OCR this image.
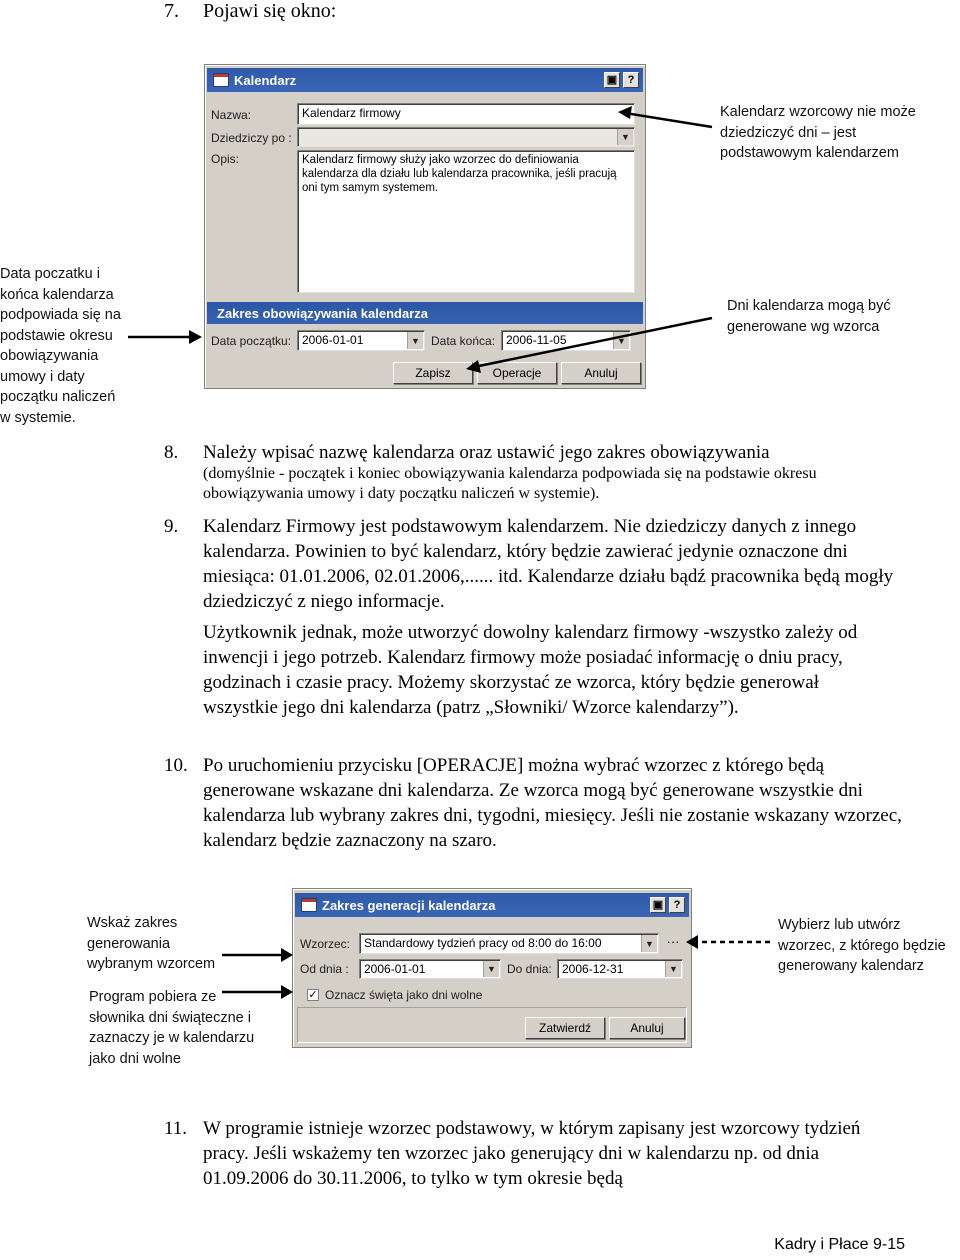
7. Pojawi się okno:
Kalendarz	▣ ?
Nazwa:	Kalendarz firmowy
Dziedziczy po :	▼
Opis:	Kalendarz firmowy służy jako wzorzec do definiowania kalendarza dla działu lub kalendarza pracownika, jeśli pracują oni tym samym systemem.
Zakres obowiązywania kalendarza
Data początku: 2006-01-01	▼ Data końca: 2006-11-05	▼
Zapisz	Operacje	Anuluj
Kalendarz wzorcowy nie może dziedziczyć dni – jest podstawowym kalendarzem
Dni kalendarza mogą być generowane wg wzorca
Data poczatku i końca kalendarza podpowiada się na podstawie okresu obowiązywania umowy i daty początku naliczeń w systemie.
8. Należy wpisać nazwę kalendarza oraz ustawić jego zakres obowiązywania
(domyślnie - początek i koniec obowiązywania kalendarza podpowiada się na podstawie okresu obowiązywania umowy i daty początku naliczeń w systemie).
9. Kalendarz Firmowy jest podstawowym kalendarzem. Nie dziedziczy danych z innego kalendarza. Powinien to być kalendarz, który będzie zawierać jedynie oznaczone dni miesiąca: 01.01.2006, 02.01.2006,...... itd. Kalendarze działu bądź pracownika będą mogły dziedziczyć z niego informacje.
Użytkownik jednak, może utworzyć dowolny kalendarz firmowy -wszystko zależy od inwencji i jego potrzeb. Kalendarz firmowy może posiadać informację o dniu pracy, godzinach i czasie pracy. Możemy skorzystać ze wzorca, który będzie generował wszystkie jego dni kalendarza (patrz „Słowniki/ Wzorce kalendarzy”).
10. Po uruchomieniu przycisku [OPERACJE] można wybrać wzorzec z którego będą generowane wskazane dni kalendarza. Ze wzorca mogą być generowane wszystkie dni kalendarza lub wybrany zakres dni, tygodni, miesięcy. Jeśli nie zostanie wskazany wzorzec, kalendarz będzie zaznaczony na szaro.
Zakres generacji kalendarza	▣ ?
Wzorzec:	Standardowy tydzień pracy od 8:00 do 16:00	▼ ···
Od dnia :	2006-01-01	▼ Do dnia: 2006-12-31	▼
✓ Oznacz święta jako dni wolne
Zatwierdź	Anuluj
Wskaż zakres generowania wybranym wzorcem
Program pobiera ze słownika dni świąteczne i zaznaczy je w kalendarzu jako dni wolne
Wybierz lub utwórz wzorzec, z którego będzie generowany kalendarz
11. W programie istnieje wzorzec podstawowy, w którym zapisany jest wzorcowy tydzień pracy. Jeśli wskażemy ten wzorzec jako generujący dni w kalendarzu np. od dnia 01.09.2006 do 30.11.2006, to tylko w tym okresie będą
Kadry i Płace 9-15
